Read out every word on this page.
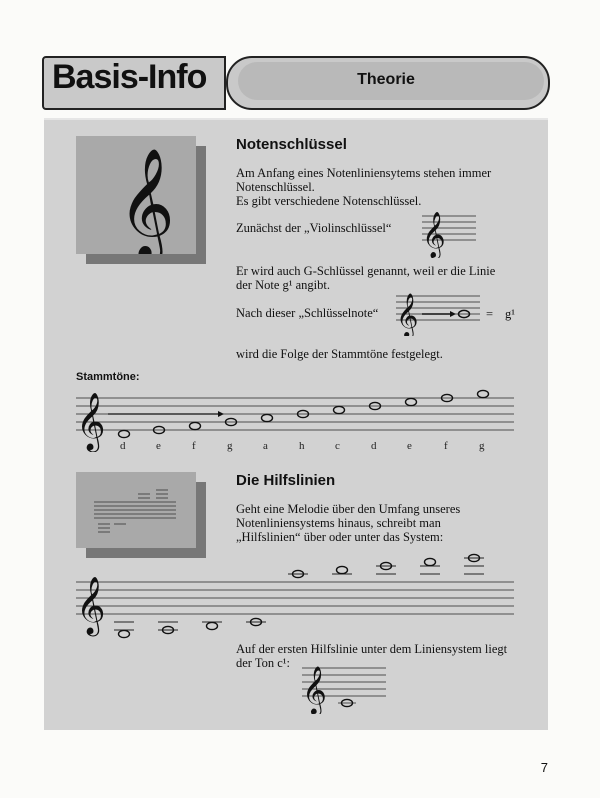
Basis-Info	Theorie
𝄞
Notenschlüssel
Am Anfang eines Notenliniensytems stehen immer
Notenschlüssel.
Es gibt verschiedene Notenschlüssel.
Zunächst der „Violinschlüssel“ 𝄞
Er wird auch G-Schlüssel genannt, weil er die Linie
der Note g¹ angibt.
Nach dieser „Schlüsselnote“ 𝄞	= g¹
wird die Folge der Stammtöne festgelegt.
Stammtöne:
𝄞 d	e	f	g	a	h	c	d	e	f	g
Die Hilfslinien
Geht eine Melodie über den Umfang unseres
Notenliniensystems hinaus, schreibt man
„Hilfslinien“ über oder unter das System:
𝄞
Auf der ersten Hilfslinie unter dem Liniensystem liegt
der Ton c¹:
𝄞
7
